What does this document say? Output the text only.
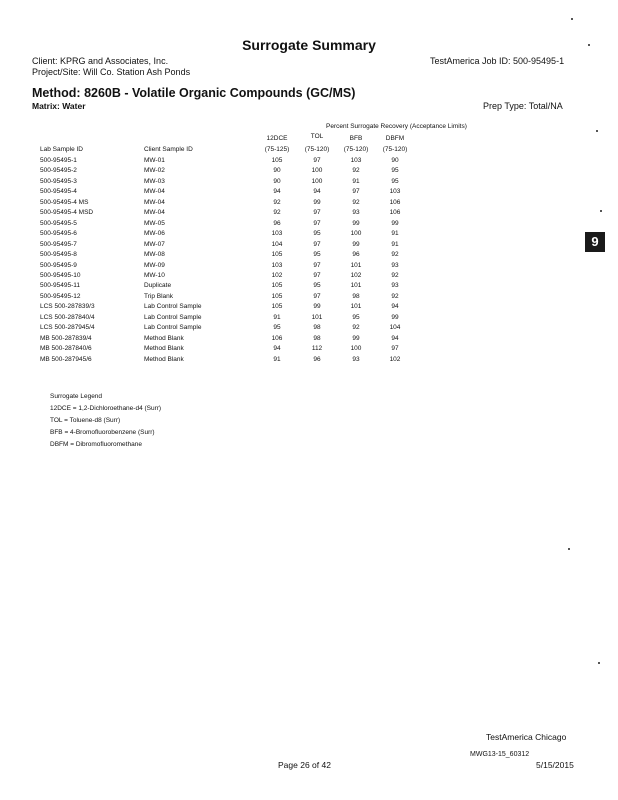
Surrogate Summary
Client: KPRG and Associates, Inc.	TestAmerica Job ID: 500-95495-1
Project/Site: Will Co. Station Ash Ponds
Method: 8260B - Volatile Organic Compounds (GC/MS)
Matrix: Water	Prep Type: Total/NA
Percent Surrogate Recovery (Acceptance Limits)
12DCE	TOL	BFB	DBFM
Lab Sample ID	Client Sample ID	(75-125)	(75-120)	(75-120)	(75-120)
500-95495-1	MW-01	105	97	103	90
500-95495-2	MW-02	90	100	92	95
500-95495-3	MW-03	90	100	91	95
500-95495-4	MW-04	94	94	97	103
500-95495-4 MS	MW-04	92	99	92	106
500-95495-4 MSD	MW-04	92	97	93	106
500-95495-5	MW-05	96	97	99	99
500-95495-6	MW-06	103	95	100	91
500-95495-7	MW-07	104	97	99	91
500-95495-8	MW-08	105	95	96	92
500-95495-9	MW-09	103	97	101	93
500-95495-10	MW-10	102	97	102	92
500-95495-11	Duplicate	105	95	101	93
500-95495-12	Trip Blank	105	97	98	92
LCS 500-287839/3	Lab Control Sample	105	99	101	94
LCS 500-287840/4	Lab Control Sample	91	101	95	99
LCS 500-287945/4	Lab Control Sample	95	98	92	104
MB 500-287839/4	Method Blank	106	98	99	94
MB 500-287840/6	Method Blank	94	112	100	97
MB 500-287945/6	Method Blank	91	96	93	102
Surrogate Legend
12DCE = 1,2-Dichloroethane-d4 (Surr)
TOL = Toluene-d8 (Surr)
BFB = 4-Bromofluorobenzene (Surr)
DBFM = Dibromofluoromethane
9
TestAmerica Chicago
MWG13-15_60312
Page 26 of 42	5/15/2015
